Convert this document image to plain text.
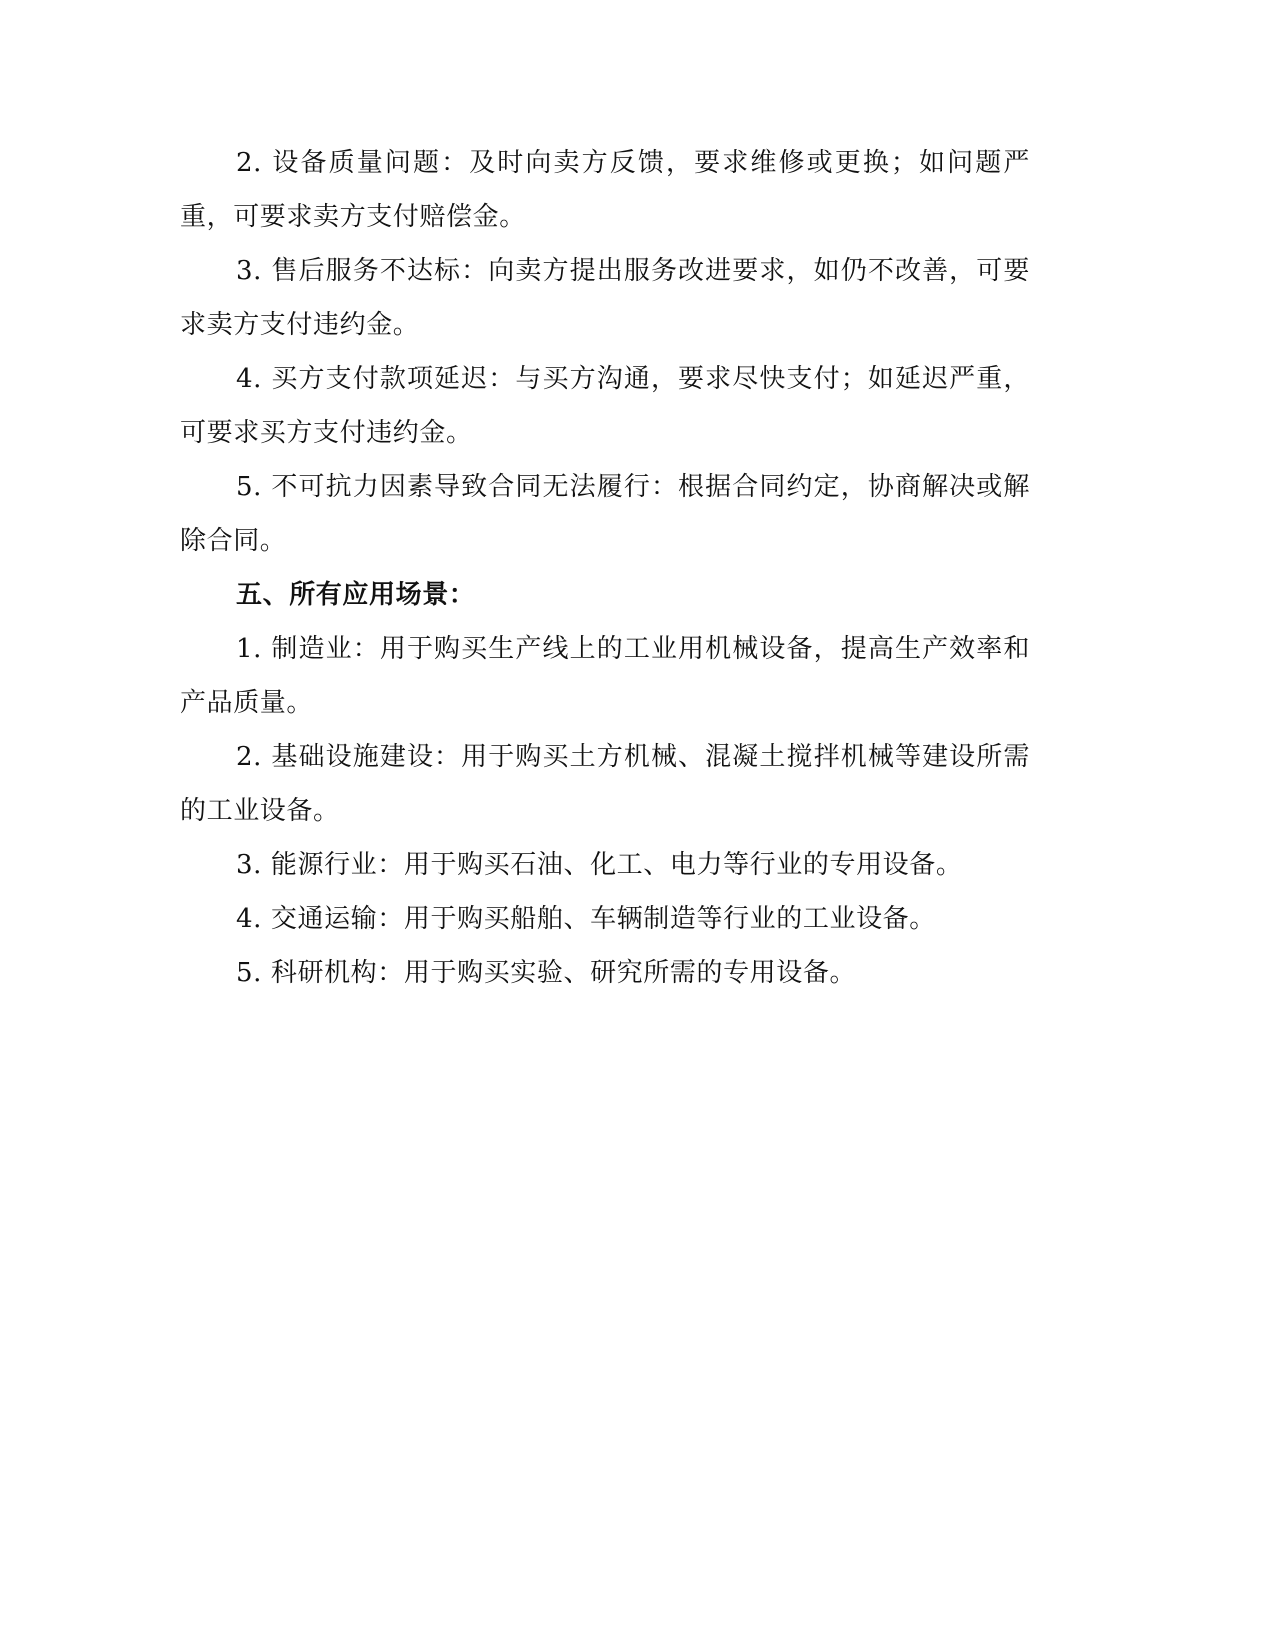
2. 设备质量问题：及时向卖方反馈，要求维修或更换；如问题严重，可要求卖方支付赔偿金。

3. 售后服务不达标：向卖方提出服务改进要求，如仍不改善，可要求卖方支付违约金。

4. 买方支付款项延迟：与买方沟通，要求尽快支付；如延迟严重，可要求买方支付违约金。

5. 不可抗力因素导致合同无法履行：根据合同约定，协商解决或解除合同。

五、所有应用场景：

1. 制造业：用于购买生产线上的工业用机械设备，提高生产效率和产品质量。

2. 基础设施建设：用于购买土方机械、混凝土搅拌机械等建设所需的工业设备。

3. 能源行业：用于购买石油、化工、电力等行业的专用设备。

4. 交通运输：用于购买船舶、车辆制造等行业的工业设备。

5. 科研机构：用于购买实验、研究所需的专用设备。
